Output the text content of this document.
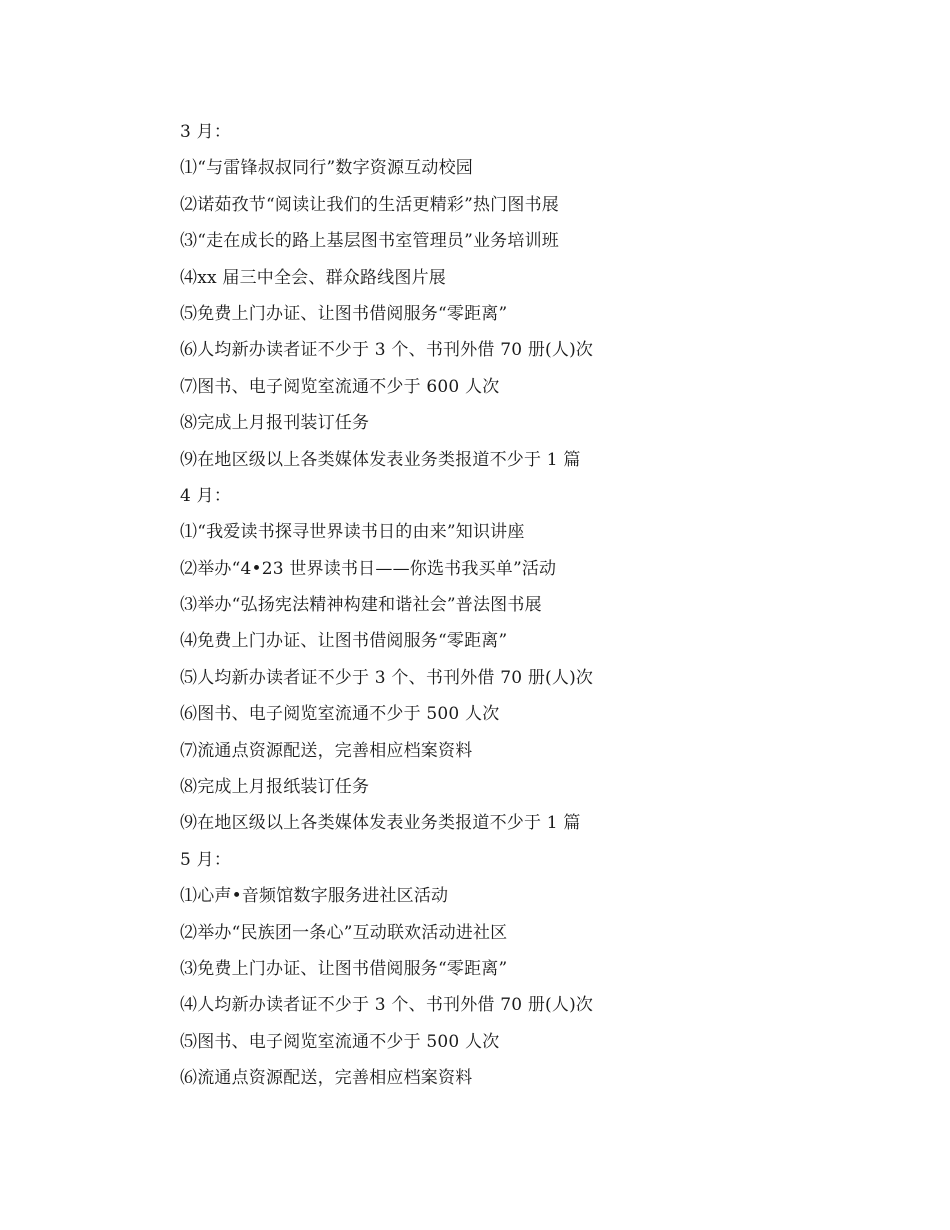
3 月：
⑴“与雷锋叔叔同行”数字资源互动校园
⑵诺茹孜节“阅读让我们的生活更精彩”热门图书展
⑶“走在成长的路上基层图书室管理员”业务培训班
⑷xx 届三中全会、群众路线图片展
⑸免费上门办证、让图书借阅服务“零距离”
⑹人均新办读者证不少于 3 个、书刊外借 70 册(人)次
⑺图书、电子阅览室流通不少于 600 人次
⑻完成上月报刊装订任务
⑼在地区级以上各类媒体发表业务类报道不少于 1 篇
4 月：
⑴“我爱读书探寻世界读书日的由来”知识讲座
⑵举办“4•23 世界读书日——你选书我买单”活动
⑶举办“弘扬宪法精神构建和谐社会”普法图书展
⑷免费上门办证、让图书借阅服务“零距离”
⑸人均新办读者证不少于 3 个、书刊外借 70 册(人)次
⑹图书、电子阅览室流通不少于 500 人次
⑺流通点资源配送，完善相应档案资料
⑻完成上月报纸装订任务
⑼在地区级以上各类媒体发表业务类报道不少于 1 篇
5 月：
⑴心声•音频馆数字服务进社区活动
⑵举办“民族团一条心”互动联欢活动进社区
⑶免费上门办证、让图书借阅服务“零距离”
⑷人均新办读者证不少于 3 个、书刊外借 70 册(人)次
⑸图书、电子阅览室流通不少于 500 人次
⑹流通点资源配送，完善相应档案资料
